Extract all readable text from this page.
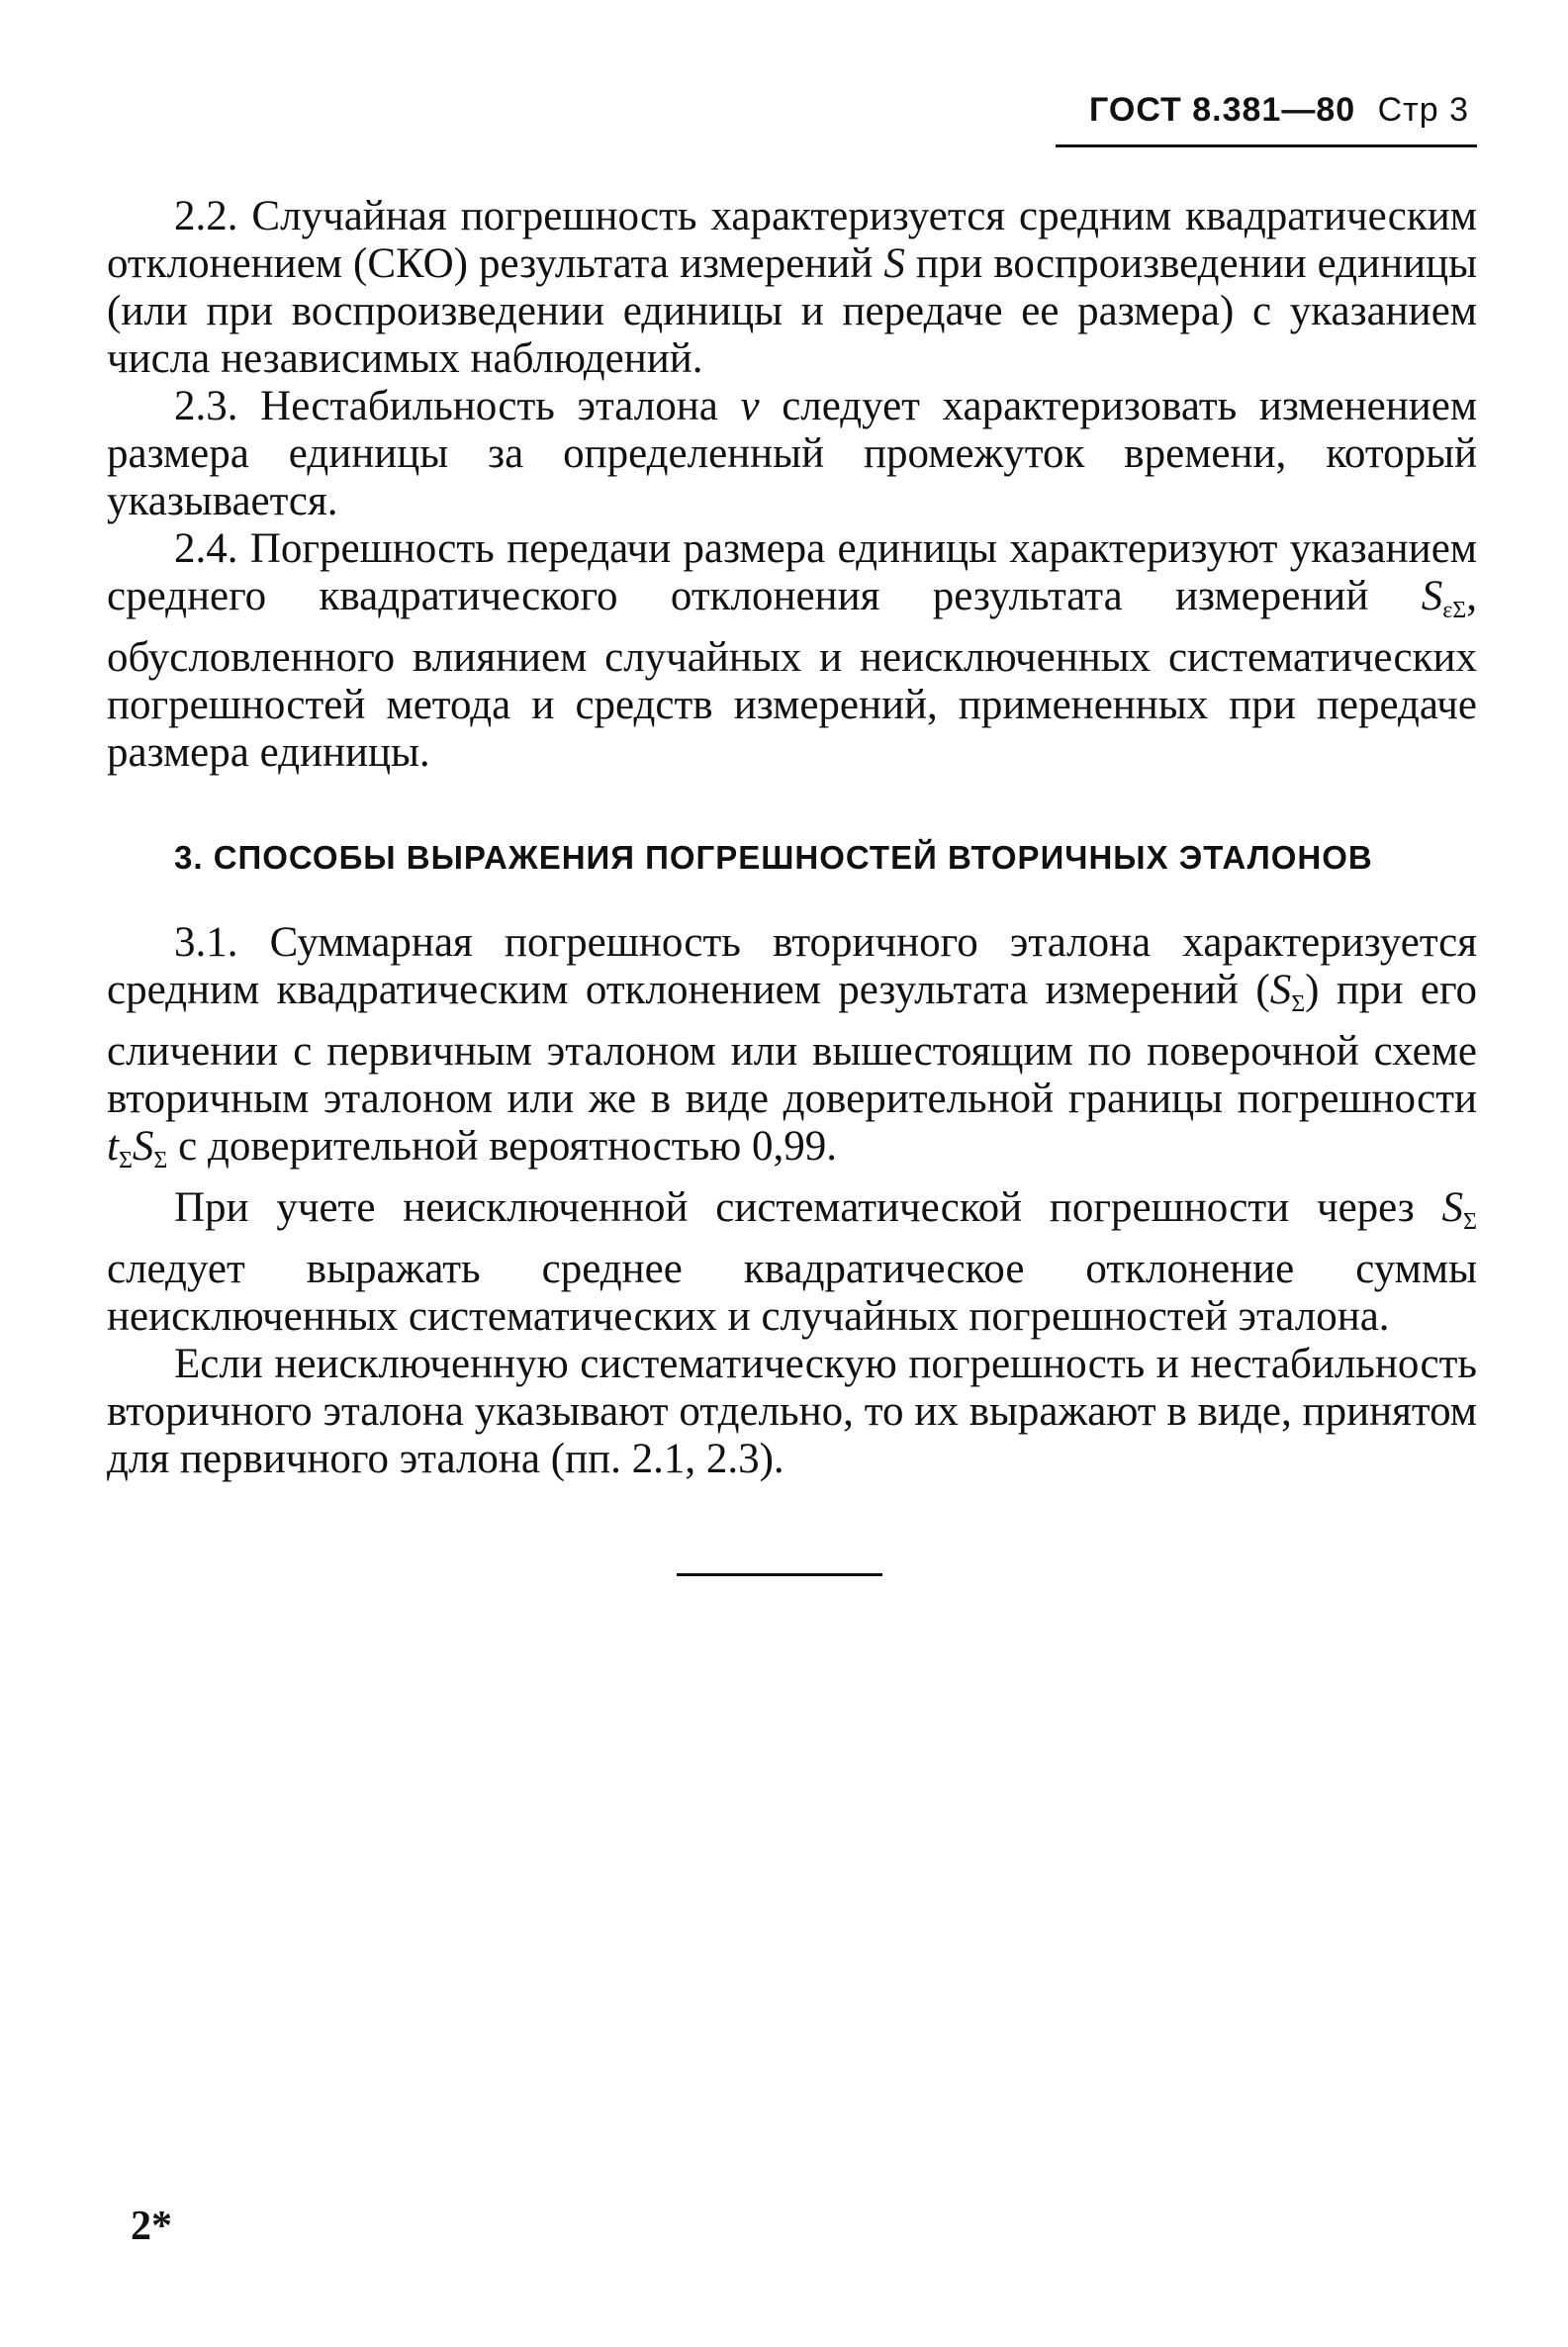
ГОСТ 8.381—80 Стр 3

2.2. Случайная погрешность характеризуется средним квадратическим отклонением (СКО) результата измерений S при воспроизведении единицы (или при воспроизведении единицы и передаче ее размера) с указанием числа независимых наблюдений.

2.3. Нестабильность эталона ν следует характеризовать изменением размера единицы за определенный промежуток времени, который указывается.

2.4. Погрешность передачи размера единицы характеризуют указанием среднего квадратического отклонения результата измерений $S_{\varepsilon\Sigma}$, обусловленного влиянием случайных и неисключенных систематических погрешностей метода и средств измерений, примененных при передаче размера единицы.

3. СПОСОБЫ ВЫРАЖЕНИЯ ПОГРЕШНОСТЕЙ ВТОРИЧНЫХ ЭТАЛОНОВ

3.1. Суммарная погрешность вторичного эталона характеризуется средним квадратическим отклонением результата измерений $(S_\Sigma)$ при его сличении с первичным эталоном или вышестоящим по поверочной схеме вторичным эталоном или же в виде доверительной границы погрешности $t_\Sigma S_\Sigma$ с доверительной вероятностью 0,99.

При учете неисключенной систематической погрешности через $S_\Sigma$ следует выражать среднее квадратическое отклонение суммы неисключенных систематических и случайных погрешностей эталона.

Если неисключенную систематическую погрешность и нестабильность вторичного эталона указывают отдельно, то их выражают в виде, принятом для первичного эталона (пп. 2.1, 2.3).

2*
